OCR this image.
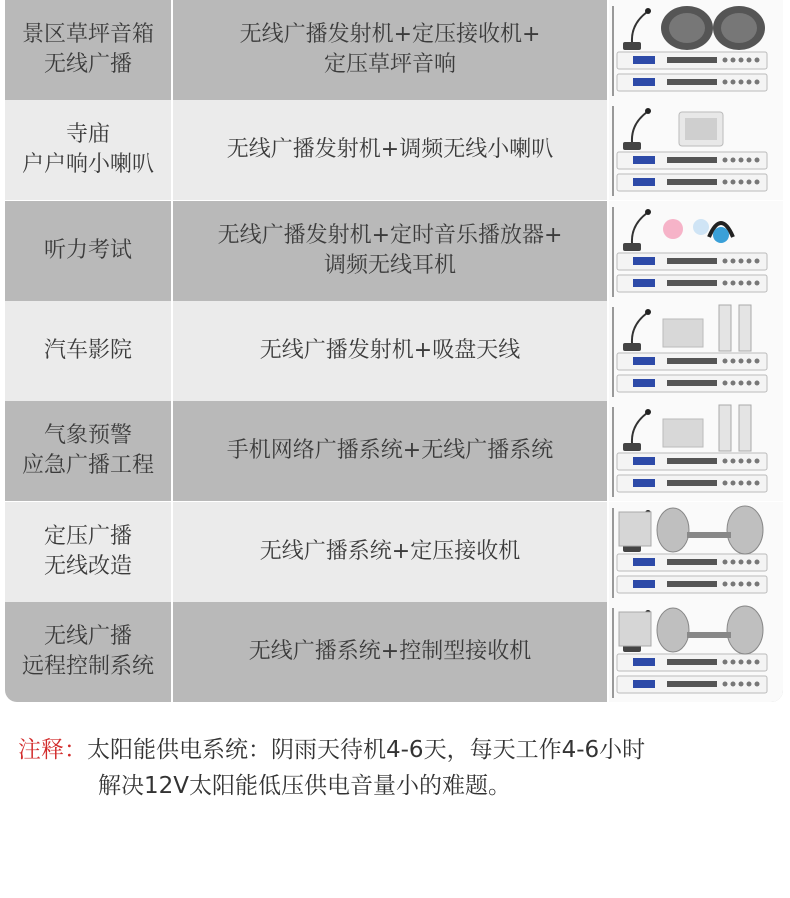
景区草坪音箱
无线广播
无线广播发射机+定压接收机+
定压草坪音响
寺庙
户户响小喇叭
无线广播发射机+调频无线小喇叭
听力考试
无线广播发射机+定时音乐播放器+
调频无线耳机
汽车影院	无线广播发射机+吸盘天线
气象预警
应急广播工程
手机网络广播系统+无线广播系统
定压广播
无线改造
无线广播系统+定压接收机
无线广播
远程控制系统
无线广播系统+控制型接收机
注释：太阳能供电系统：阴雨天待机4-6天，每天工作4-6小时
解决12V太阳能低压供电音量小的难题。
